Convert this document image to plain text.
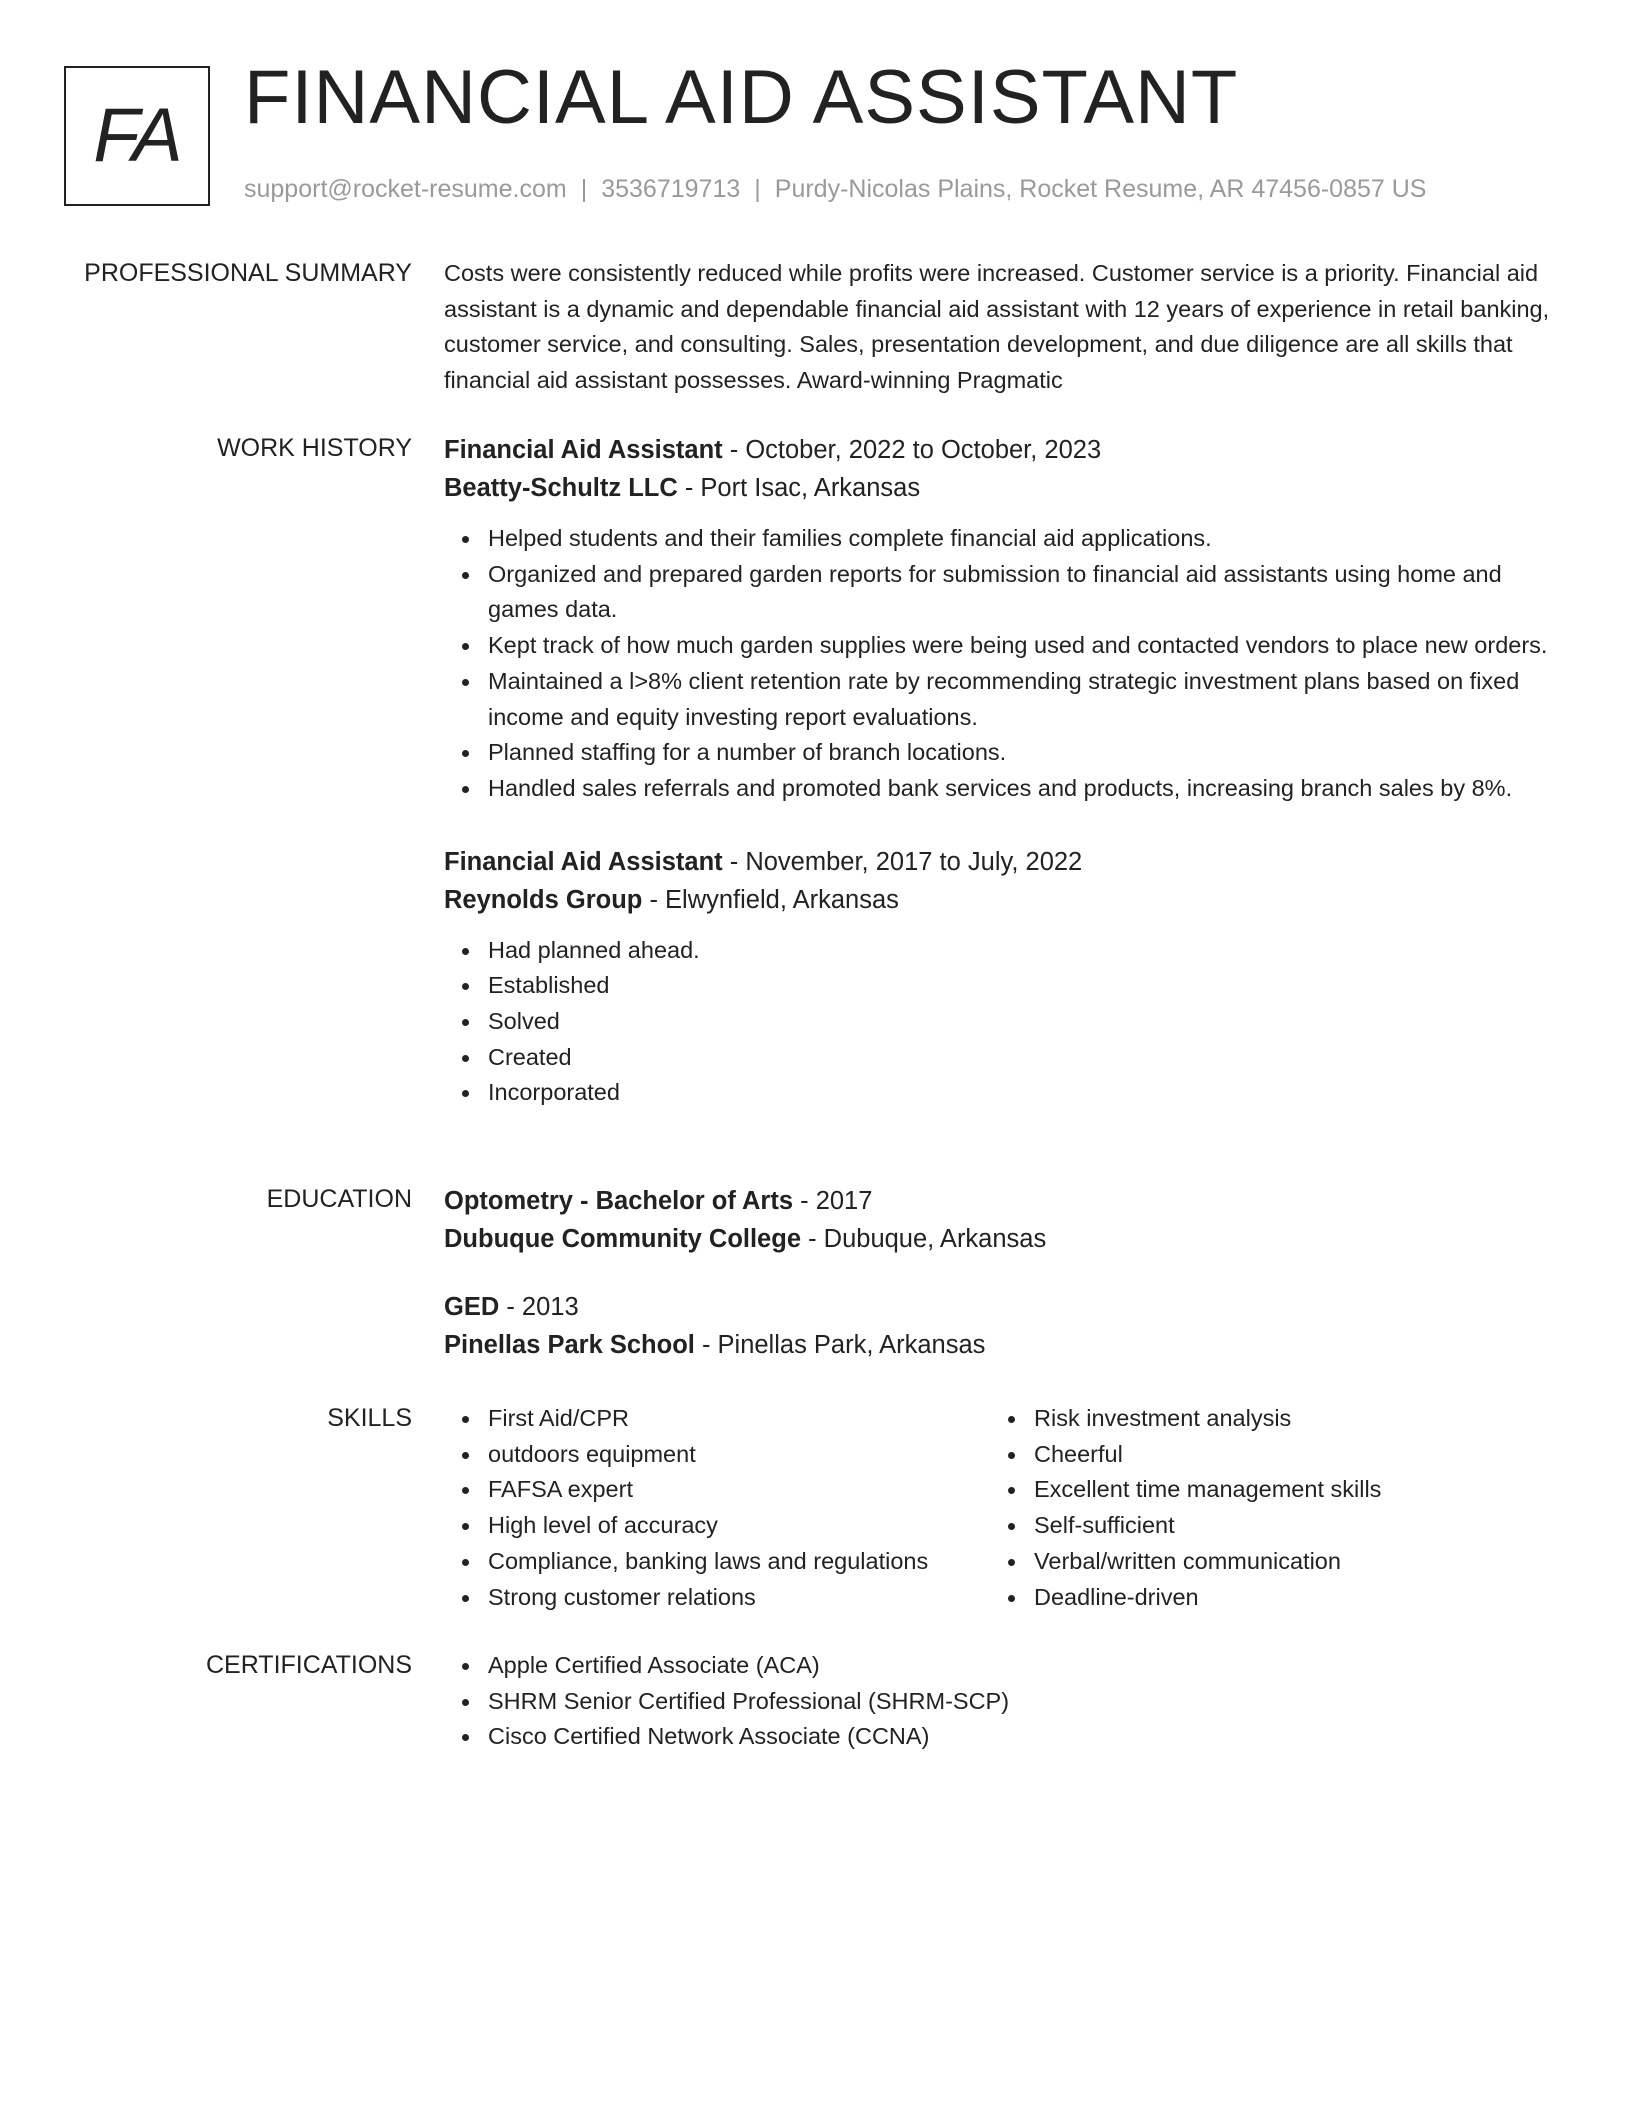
FA FINANCIAL AID ASSISTANT
support@rocket-resume.com | 3536719713 | Purdy-Nicolas Plains, Rocket Resume, AR 47456-0857 US
PROFESSIONAL SUMMARY Costs were consistently reduced while profits were increased. Customer service is a priority. Financial aid assistant is a dynamic and dependable financial aid assistant with 12 years of experience in retail banking, customer service, and consulting. Sales, presentation development, and due diligence are all skills that financial aid assistant possesses. Award-winning Pragmatic

WORK HISTORY Financial Aid Assistant - October, 2022 to October, 2023
Beatty-Schultz LLC - Port Isac, Arkansas
Helped students and their families complete financial aid applications.
Organized and prepared garden reports for submission to financial aid assistants using home and games data.
Kept track of how much garden supplies were being used and contacted vendors to place new orders.
Maintained a l>8% client retention rate by recommending strategic investment plans based on fixed income and equity investing report evaluations.
Planned staffing for a number of branch locations.
Handled sales referrals and promoted bank services and products, increasing branch sales by 8%.
Financial Aid Assistant - November, 2017 to July, 2022
Reynolds Group - Elwynfield, Arkansas
Had planned ahead.
Established
Solved
Created
Incorporated
EDUCATION Optometry - Bachelor of Arts - 2017
Dubuque Community College - Dubuque, Arkansas
GED - 2013
Pinellas Park School - Pinellas Park, Arkansas
SKILLS	First Aid/CPR
outdoors equipment
FAFSA expert
High level of accuracy
Compliance, banking laws and regulations
Strong customer relations
Risk investment analysis
Cheerful
Excellent time management skills
Self-sufficient
Verbal/written communication
Deadline-driven
CERTIFICATIONS	Apple Certified Associate (ACA)
SHRM Senior Certified Professional (SHRM-SCP)
Cisco Certified Network Associate (CCNA)
